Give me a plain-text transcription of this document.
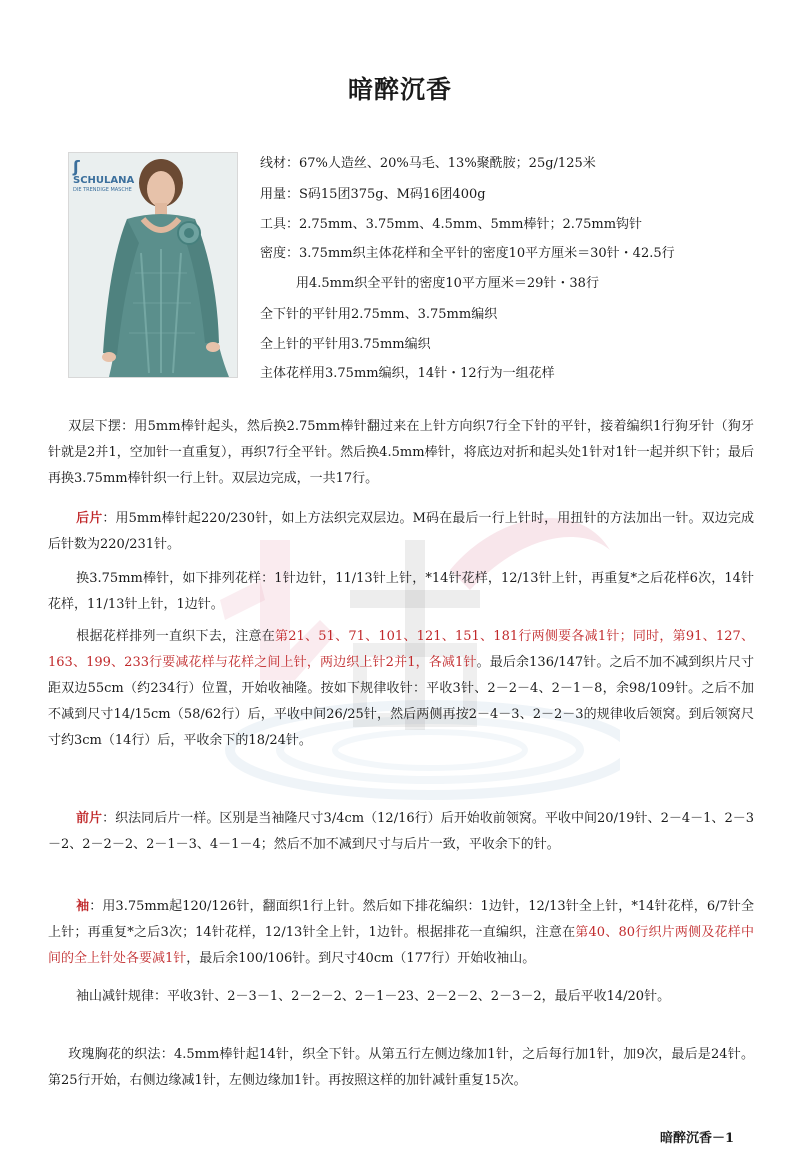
暗醉沉香
ʃ
SCHULANA
DIE TRENDIGE MASCHE
线材：67%人造丝、20%马毛、13%聚酰胺；25g/125米
用量：S码15团375g、M码16团400g
工具：2.75mm、3.75mm、4.5mm、5mm棒针；2.75mm钩针
密度：3.75mm织主体花样和全平针的密度10平方厘米＝30针・42.5行
用4.5mm织全平针的密度10平方厘米＝29针・38行
全下针的平针用2.75mm、3.75mm编织
全上针的平针用3.75mm编织
主体花样用3.75mm编织，14针・12行为一组花样
双层下摆：用5mm棒针起头，然后换2.75mm棒针翻过来在上针方向织7行全下针的平针，接着编织1行狗牙针（狗牙针就是2并1，空加针一直重复），再织7行全平针。然后换4.5mm棒针，将底边对折和起头处1针对1针一起并织下针；最后再换3.75mm棒针织一行上针。双层边完成，一共17行。
后片：用5mm棒针起220/230针，如上方法织完双层边。M码在最后一行上针时，用扭针的方法加出一针。双边完成后针数为220/231针。
换3.75mm棒针，如下排列花样：1针边针，11/13针上针，*14针花样，12/13针上针，再重复*之后花样6次，14针花样，11/13针上针，1边针。
根据花样排列一直织下去，注意在第21、51、71、101、121、151、181行两侧要各减1针；同时，第91、127、163、199、233行要减花样与花样之间上针，两边织上针2并1，各减1针。最后余136/147针。之后不加不减到织片尺寸距双边55cm（约234行）位置，开始收袖隆。按如下规律收针：平收3针、2－2－4、2－1－8，余98/109针。之后不加不减到尺寸14/15cm（58/62行）后，平收中间26/25针，然后两侧再按2－4－3、2－2－3的规律收后领窝。到后领窝尺寸约3cm（14行）后，平收余下的18/24针。
前片：织法同后片一样。区别是当袖隆尺寸3/4cm（12/16行）后开始收前领窝。平收中间20/19针、2－4－1、2－3－2、2－2－2、2－1－3、4－1－4；然后不加不减到尺寸与后片一致，平收余下的针。
袖：用3.75mm起120/126针，翻面织1行上针。然后如下排花编织：1边针，12/13针全上针，*14针花样，6/7针全上针；再重复*之后3次；14针花样，12/13针全上针，1边针。根据排花一直编织，注意在第40、80行织片两侧及花样中间的全上针处各要减1针，最后余100/106针。到尺寸40cm（177行）开始收袖山。
袖山减针规律：平收3针、2－3－1、2－2－2、2－1－23、2－2－2、2－3－2，最后平收14/20针。
玫瑰胸花的织法：4.5mm棒针起14针，织全下针。从第五行左侧边缘加1针，之后每行加1针，加9次，最后是24针。第25行开始，右侧边缘减1针，左侧边缘加1针。再按照这样的加针减针重复15次。
暗醉沉香－1
